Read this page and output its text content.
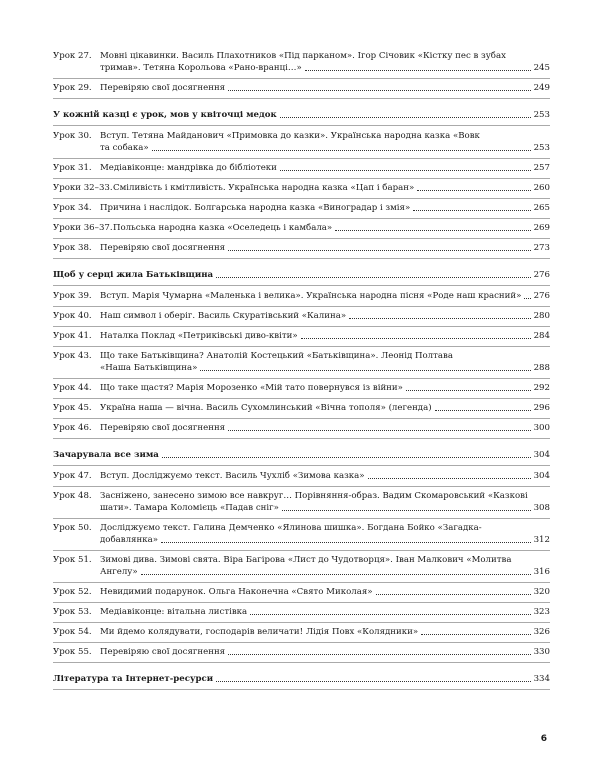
Урок 27. Мовні цікавинки. Василь Плахотников «Під парканом». Ігор Січовик «Кістку пес в зубах
тримав». Тетяна Корольова «Рано-вранці…»	245
Урок 29. Перевіряю свої досягнення	249
У кожній казці є урок, мов у квіточці медок	253
Урок 30. Вступ. Тетяна Майданович «Примовка до казки». Українська народна казка «Вовк
та собака»	253
Урок 31. Медіавіконце: мандрівка до бібліотеки	257
Уроки 32–33. Сміливість і кмітливість. Українська народна казка «Цап і баран»	260
Урок 34. Причина і наслідок. Болгарська народна казка «Виноградар і змія»	265
Уроки 36–37. Польська народна казка «Оселедець і камбала»	269
Урок 38. Перевіряю свої досягнення	273
Щоб у серці жила Батьківщина	276
Урок 39. Вступ. Марія Чумарна «Маленька і велика». Українська народна пісня «Роде наш красний» 276
Урок 40. Наш символ і оберіг. Василь Скуратівський «Калина»	280
Урок 41. Наталка Поклад «Петриківські диво-квіти»	284
Урок 43. Що таке Батьківщина? Анатолій Костецький «Батьківщина». Леонід Полтава
«Наша Батьківщина»	288
Урок 44. Що таке щастя? Марія Морозенко «Мій тато повернувся із війни»	292
Урок 45. Україна наша — вічна. Василь Сухомлинський «Вічна тополя» (легенда)	296
Урок 46. Перевіряю свої досягнення	300
Зачарувала все зима	304
Урок 47. Вступ. Досліджуємо текст. Василь Чухліб «Зимова казка»	304
Урок 48. Засніжено, занесено зимою все навкруг… Порівняння-образ. Вадим Скомаровський «Казкові
шати». Тамара Коломієць «Падав сніг»	308
Урок 50. Досліджуємо текст. Галина Демченко «Ялинова шишка». Богдана Бойко «Загадка-
добавлянка»	312
Урок 51. Зимові дива. Зимові свята. Віра Багірова «Лист до Чудотворця». Іван Малкович «Молитва
Ангелу»	316
Урок 52. Невидимий подарунок. Ольга Наконечна «Свято Миколая»	320
Урок 53. Медіавіконце: вітальна листівка	323
Урок 54. Ми йдемо колядувати, господарів величати! Лідія Повх «Колядники»	326
Урок 55. Перевіряю свої досягнення	330
Література та Інтернет-ресурси	334
6
